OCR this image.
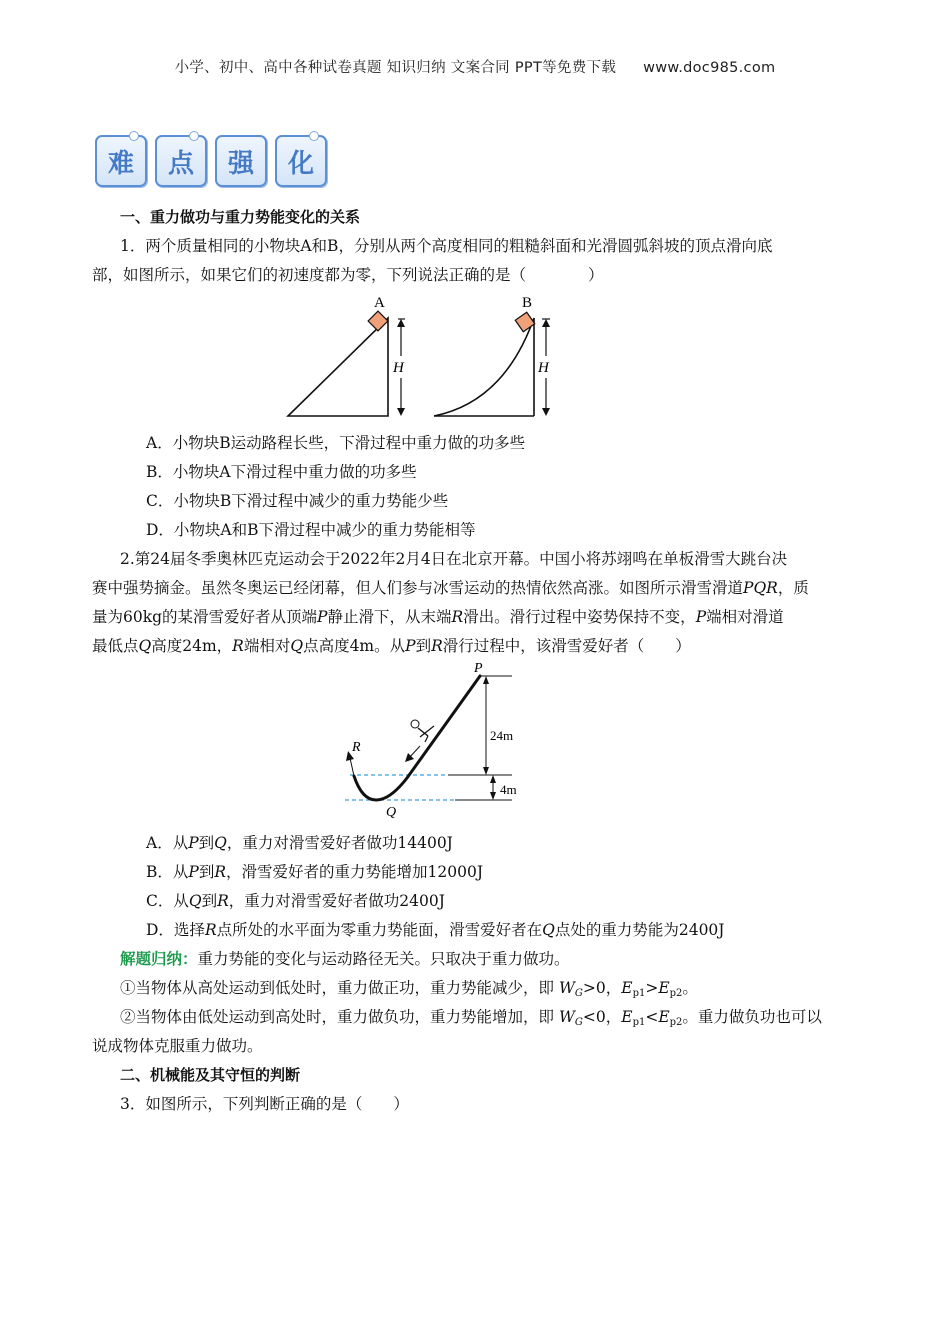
小学、初中、高中各种试卷真题 知识归纳 文案合同 PPT等免费下载 www.doc985.com
难 点 强 化
一、重力做功与重力势能变化的关系
1．两个质量相同的小物块A和B，分别从两个高度相同的粗糙斜面和光滑圆弧斜坡的顶点滑向底
部，如图所示，如果它们的初速度都为零，下列说法正确的是（　　　　）
A
H
B
H
A．小物块B运动路程长些，下滑过程中重力做的功多些
B．小物块A下滑过程中重力做的功多些
C．小物块B下滑过程中减少的重力势能少些
D．小物块A和B下滑过程中减少的重力势能相等
2.第24届冬季奥林匹克运动会于2022年2月4日在北京开幕。中国小将苏翊鸣在单板滑雪大跳台决
赛中强势摘金。虽然冬奥运已经闭幕，但人们参与冰雪运动的热情依然高涨。如图所示滑雪滑道PQR，质
量为60kg的某滑雪爱好者从顶端P静止滑下，从末端R滑出。滑行过程中姿势保持不变，P端相对滑道
最低点Q高度24m，R端相对Q点高度4m。从P到R滑行过程中，该滑雪爱好者（　　）
P
R
Q
24m
4m
A．从P到Q，重力对滑雪爱好者做功14400J
B．从P到R，滑雪爱好者的重力势能增加12000J
C．从Q到R，重力对滑雪爱好者做功2400J
D．选择R点所处的水平面为零重力势能面，滑雪爱好者在Q点处的重力势能为2400J
解题归纳：重力势能的变化与运动路径无关。只取决于重力做功。
①当物体从高处运动到低处时，重力做正功，重力势能减少，即 $W_G>0$，$E_{p1}>E_{p2}$。
②当物体由低处运动到高处时，重力做负功，重力势能增加，即 $W_G<0$，$E_{p1}<E_{p2}$。重力做负功也可以
说成物体克服重力做功。
二、机械能及其守恒的判断
3．如图所示，下列判断正确的是（　　）
